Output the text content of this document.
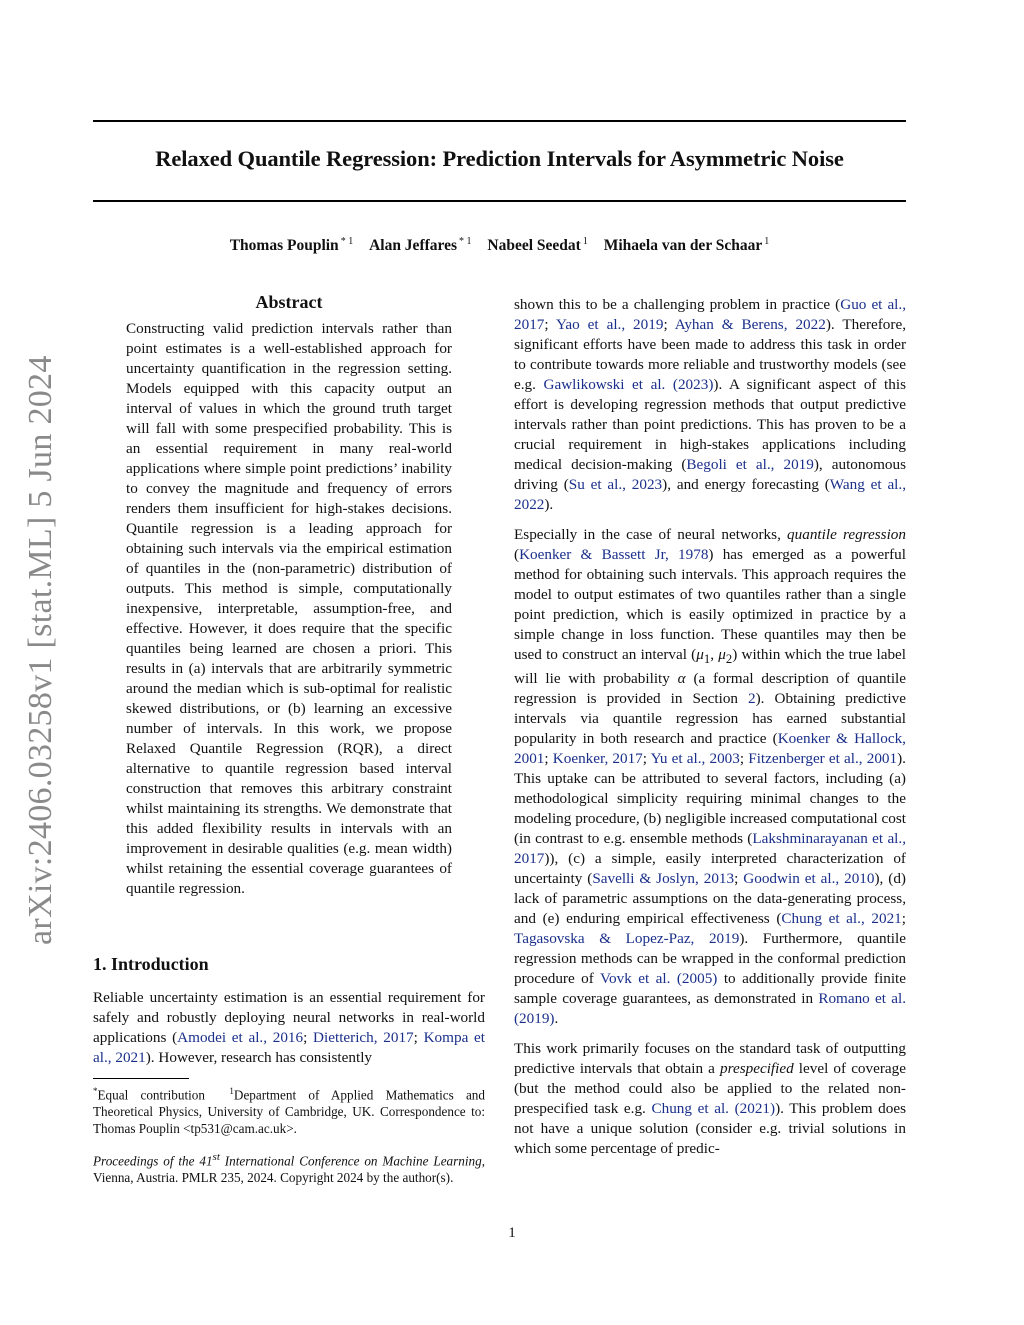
Relaxed Quantile Regression: Prediction Intervals for Asymmetric Noise
Thomas Pouplin $^{* 1}$ Alan Jeffares $^{* 1}$ Nabeel Seedat $^1$ Mihaela van der Schaar $^1$
arXiv:2406.03258v1 [stat.ML] 5 Jun 2024
Abstract

Constructing valid prediction intervals rather than point estimates is a well-established approach for uncertainty quantification in the regression setting. Models equipped with this capacity output an interval of values in which the ground truth target will fall with some prespecified probability. This is an essential requirement in many real-world applications where simple point predictions’ inability to convey the magnitude and frequency of errors renders them insufficient for high-stakes decisions. Quantile regression is a leading approach for obtaining such intervals via the empirical estimation of quantiles in the (non-parametric) distribution of outputs. This method is simple, computationally inexpensive, interpretable, assumption-free, and effective. However, it does require that the specific quantiles being learned are chosen a priori. This results in (a) intervals that are arbitrarily symmetric around the median which is sub-optimal for realistic skewed distributions, or (b) learning an excessive number of intervals. In this work, we propose Relaxed Quantile Regression (RQR), a direct alternative to quantile regression based interval construction that removes this arbitrary constraint whilst maintaining its strengths. We demonstrate that this added flexibility results in intervals with an improvement in desirable qualities (e.g. mean width) whilst retaining the essential coverage guarantees of quantile regression.

1. Introduction

Reliable uncertainty estimation is an essential requirement for safely and robustly deploying neural networks in real-world applications (Amodei et al., 2016; Dietterich, 2017; Kompa et al., 2021). However, research has consistently

*Equal contribution	$^1$Department of Applied Mathematics and Theoretical Physics, University of Cambridge, UK. Correspondence to: Thomas Pouplin <tp531@cam.ac.uk>.

Proceedings of the 41st International Conference on Machine Learning, Vienna, Austria. PMLR 235, 2024. Copyright 2024 by the author(s).

shown this to be a challenging problem in practice (Guo et al., 2017; Yao et al., 2019; Ayhan & Berens, 2022). Therefore, significant efforts have been made to address this task in order to contribute towards more reliable and trustworthy models (see e.g. Gawlikowski et al. (2023)). A significant aspect of this effort is developing regression methods that output predictive intervals rather than point predictions. This has proven to be a crucial requirement in high-stakes applications including medical decision-making (Begoli et al., 2019), autonomous driving (Su et al., 2023), and energy forecasting (Wang et al., 2022).

Especially in the case of neural networks, quantile regression (Koenker & Bassett Jr, 1978) has emerged as a powerful method for obtaining such intervals. This approach requires the model to output estimates of two quantiles rather than a single point prediction, which is easily optimized in practice by a simple change in loss function. These quantiles may then be used to construct an interval ($\mu_1$, $\mu_2$) within which the true label will lie with probability α (a formal description of quantile regression is provided in Section 2). Obtaining predictive intervals via quantile regression has earned substantial popularity in both research and practice (Koenker & Hallock, 2001; Koenker, 2017; Yu et al., 2003; Fitzenberger et al., 2001). This uptake can be attributed to several factors, including (a) methodological simplicity requiring minimal changes to the modeling procedure, (b) negligible increased computational cost (in contrast to e.g. ensemble methods (Lakshminarayanan et al., 2017)), (c) a simple, easily interpreted characterization of uncertainty (Savelli & Joslyn, 2013; Goodwin et al., 2010), (d) lack of parametric assumptions on the data-generating process, and (e) enduring empirical effectiveness (Chung et al., 2021; Tagasovska & Lopez-Paz, 2019). Furthermore, quantile regression methods can be wrapped in the conformal prediction procedure of Vovk et al. (2005) to additionally provide finite sample coverage guarantees, as demonstrated in Romano et al. (2019).

This work primarily focuses on the standard task of outputting predictive intervals that obtain a prespecified level of coverage (but the method could also be applied to the related non-prespecified task e.g. Chung et al. (2021)). This problem does not have a unique solution (consider e.g. trivial solutions in which some percentage of predic-

1
